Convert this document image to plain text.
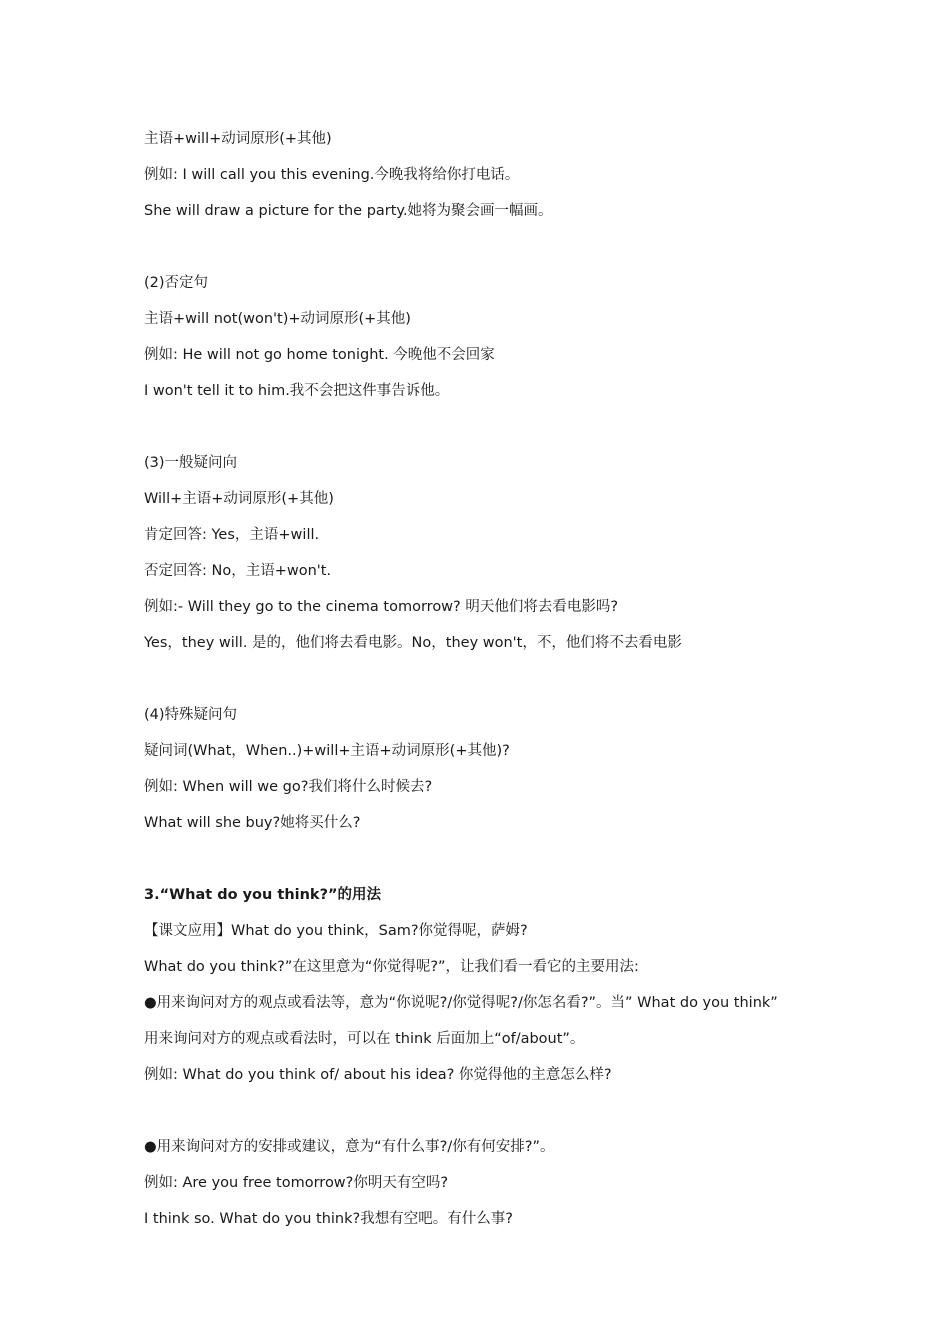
主语+will+动词原形(+其他)
例如: I will call you this evening.今晚我将给你打电话。
She will draw a picture for the party.她将为聚会画一幅画。
(2)否定句
主语+will not(won't)+动词原形(+其他)
例如: He will not go home tonight. 今晚他不会回家
I won't tell it to him.我不会把这件事告诉他。
(3)一般疑问向
Will+主语+动词原形(+其他)
肯定回答: Yes，主语+will.
否定回答: No，主语+won't.
例如:- Will they go to the cinema tomorrow? 明天他们将去看电影吗?
Yes，they will. 是的，他们将去看电影。No，they won't，不，他们将不去看电影
(4)特殊疑问句
疑问词(What，When..)+will+主语+动词原形(+其他)?
例如: When will we go?我们将什么时候去?
What will she buy?她将买什么?
3.“What do you think?”的用法
【课文应用】What do you think，Sam?你觉得呢，萨姆?
What do you think?”在这里意为“你觉得呢?”，让我们看一看它的主要用法:
●用来询问对方的观点或看法等，意为“你说呢?/你觉得呢?/你怎名看?”。当” What do you think”
用来询问对方的观点或看法时，可以在 think 后面加上“of/about”。
例如: What do you think of/ about his idea? 你觉得他的主意怎么样?
●用来询问对方的安排或建议，意为“有什么事?/你有何安排?”。
例如: Are you free tomorrow?你明天有空吗?
I think so. What do you think?我想有空吧。有什么事?
